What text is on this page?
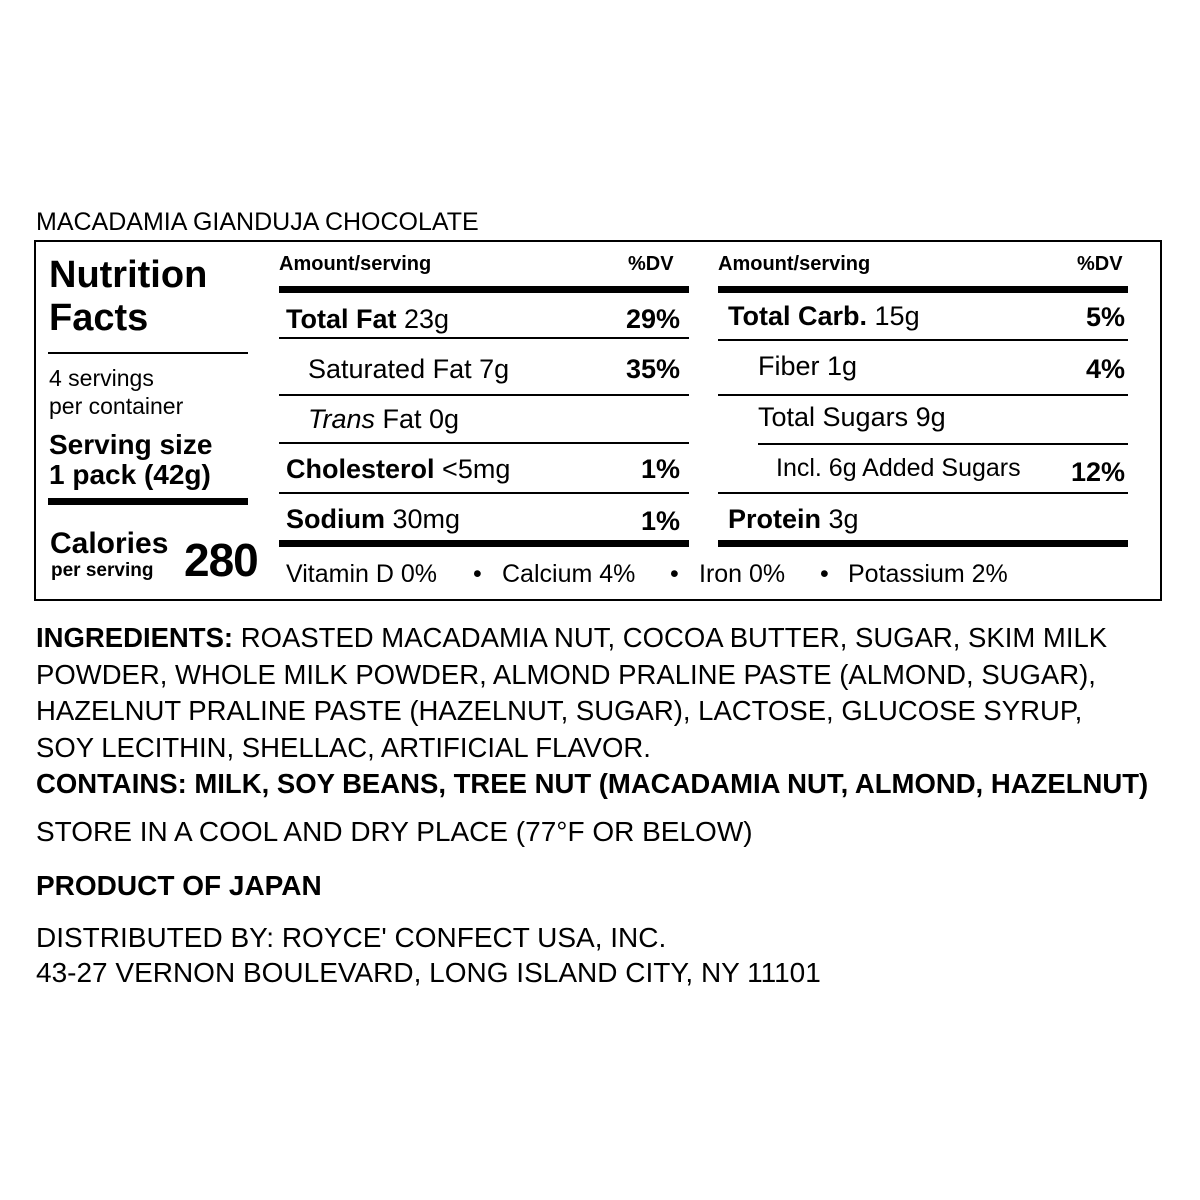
MACADAMIA GIANDUJA CHOCOLATE
Nutrition
Facts
4 servings
per container
Serving size
1 pack (42g)
Calories
per serving 280
Amount/serving	%DV
Total Fat 23g	29%
Saturated Fat 7g	35%
Trans Fat 0g
Cholesterol <5mg	1%
Sodium 30mg	1%
Amount/serving	%DV
Total Carb. 15g	5%
Fiber 1g	4%
Total Sugars 9g
Incl. 6g Added Sugars 12%
Protein 3g
Vitamin D 0% • Calcium 4% • Iron 0% • Potassium 2%

INGREDIENTS: ROASTED MACADAMIA NUT, COCOA BUTTER, SUGAR, SKIM MILK

POWDER, WHOLE MILK POWDER, ALMOND PRALINE PASTE (ALMOND, SUGAR),

HAZELNUT PRALINE PASTE (HAZELNUT, SUGAR), LACTOSE, GLUCOSE SYRUP,

SOY LECITHIN, SHELLAC, ARTIFICIAL FLAVOR.

CONTAINS: MILK, SOY BEANS, TREE NUT (MACADAMIA NUT, ALMOND, HAZELNUT)

STORE IN A COOL AND DRY PLACE (77°F OR BELOW)
PRODUCT OF JAPAN
DISTRIBUTED BY: ROYCE' CONFECT USA, INC.
43-27 VERNON BOULEVARD, LONG ISLAND CITY, NY 11101
